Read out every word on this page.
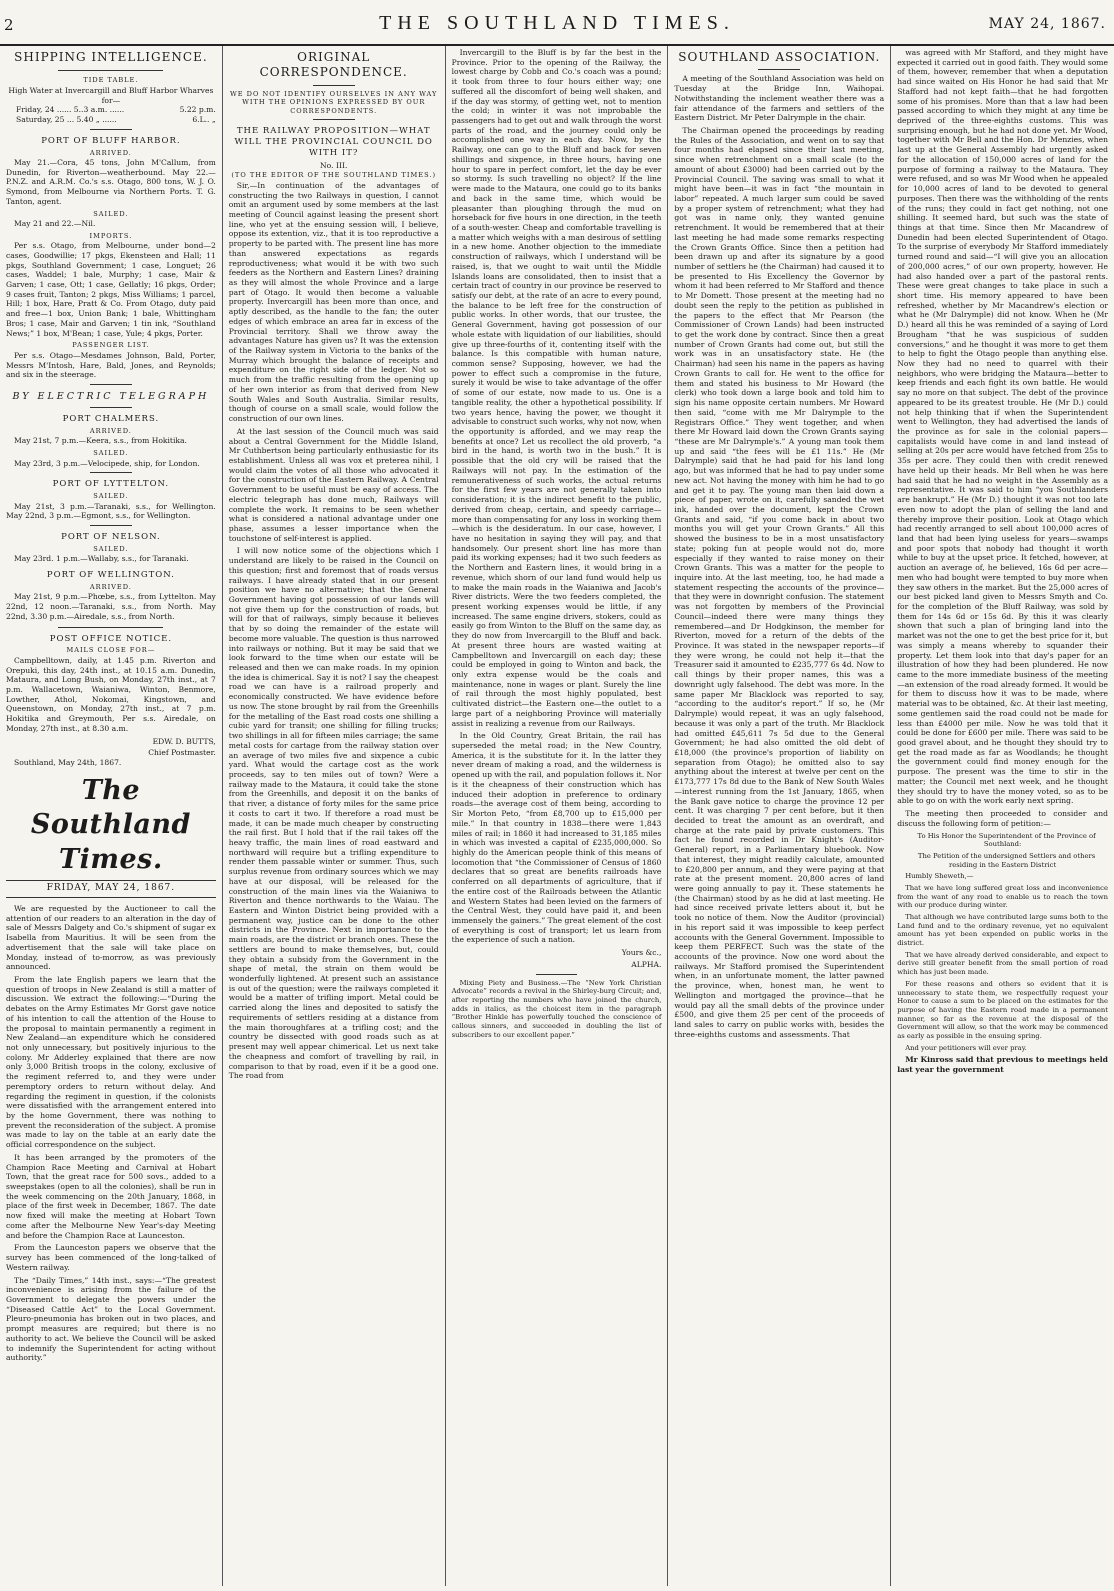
2	THE SOUTHLAND TIMES.	MAY 24, 1867.
SHIPPING INTELLIGENCE.
TIDE TABLE.
High Water at Invercargill and Bluff Harbor Wharves for—
Friday, 24 ...... 5..3 a.m. ......	5.22 p.m.
Saturday, 25 ... 5.40 „ ......	6.L.. „
PORT OF BLUFF HARBOR.
ARRIVED.

May 21.—Cora, 45 tons, John M'Callum, from Dunedin, for Riverton—weatherbound. May 22.—P.N.Z. and A.R.M. Co.'s s.s. Otago, 800 tons, W. J. O. Symond, from Melbourne via Northern Ports. T. G. Tanton, agent.

SAILED.

May 21 and 22.—Nil.

IMPORTS.

Per s.s. Otago, from Melbourne, under bond—2 cases, Goodwillie; 17 pkgs, Ekensteen and Hall; 11 pkgs, Southland Government; 1 case, Longuet; 26 cases, Waddel; 1 bale, Murphy; 1 case, Mair & Garven; 1 case, Ott; 1 case, Gellatly; 16 pkgs, Order; 9 cases fruit, Tanton; 2 pkgs, Miss Williams; 1 parcel, Hill; 1 box, Hare, Pratt & Co. From Otago, duty paid and free—1 box, Union Bank; 1 bale, Whittingham Bros; 1 case, Mair and Garven; 1 tin ink, “Southland News;” 1 box, M'Bean; 1 case, Yule; 4 pkgs, Porter.

PASSENGER LIST.

Per s.s. Otago—Mesdames Johnson, Bald, Porter, Messrs M'Intosh, Hare, Bald, Jones, and Reynolds; and six in the steerage.

BY ELECTRIC TELEGRAPH
PORT CHALMERS.
ARRIVED.

May 21st, 7 p.m.—Keera, s.s., from Hokitika.

SAILED.

May 23rd, 3 p.m.—Velocipede, ship, for London.

PORT OF LYTTELTON.
SAILED.

May 21st, 3 p.m.—Taranaki, s.s., for Wellington. May 22nd, 3 p.m.—Egmont, s.s., for Wellington.

PORT OF NELSON.
SAILED.

May 23rd. 1 p.m.—Wallaby, s.s., for Taranaki.

PORT OF WELLINGTON.
ARRIVED.

May 21st, 9 p.m.—Phœbe, s.s., from Lyttelton. May 22nd, 12 noon.—Taranaki, s.s., from North. May 22nd, 3.30 p.m.—Airedale, s.s., from North.

POST OFFICE NOTICE.
MAILS CLOSE FOR—

Campbelltown, daily, at 1.45 p.m. Riverton and Orepuki, this day, 24th inst., at 10.15 a.m. Dunedin, Mataura, and Long Bush, on Monday, 27th inst., at 7 p.m. Wallacetown, Waianiwa, Winton, Benmore, Lowther, Athol, Nokomai, Kingstown, and Queenstown, on Monday, 27th inst., at 7 p.m. Hokitika and Greymouth, Per s.s. Airedale, on Monday, 27th inst., at 8.30 a.m.

EDW. D. BUTTS,
Chief Postmaster.

Southland, May 24th, 1867.

The Southland Times.
FRIDAY, MAY 24, 1867.

We are requested by the Auctioneer to call the attention of our readers to an alteration in the day of sale of Messrs Dalgety and Co.'s shipment of sugar ex Isabella from Mauritius. It will be seen from the advertisement that the sale will take place on Monday, instead of to-morrow, as was previously announced.

From the late English papers we learn that the question of troops in New Zealand is still a matter of discussion. We extract the following:—“During the debates on the Army Estimates Mr Gorst gave notice of his intention to call the attention of the House to the proposal to maintain permanently a regiment in New Zealand—an expenditure which he considered not only unnecessary, but positively injurious to the colony. Mr Adderley explained that there are now only 3,000 British troops in the colony, exclusive of the regiment referred to, and they were under peremptory orders to return without delay. And regarding the regiment in question, if the colonists were dissatisfied with the arrangement entered into by the home Government, there was nothing to prevent the reconsideration of the subject. A promise was made to lay on the table at an early date the official correspondence on the subject.

It has been arranged by the promoters of the Champion Race Meeting and Carnival at Hobart Town, that the great race for 500 sovs., added to a sweepstakes (open to all the colonies), shall be run in the week commencing on the 20th January, 1868, in place of the first week in December, 1867. The date now fixed will make the meeting at Hobart Town come after the Melbourne New Year's-day Meeting and before the Champion Race at Launceston.

From the Launceston papers we observe that the survey has been commenced of the long-talked of Western railway.

The “Daily Times,” 14th inst., says:—“The greatest inconvenience is arising from the failure of the Government to delegate the powers under the “Diseased Cattle Act” to the Local Government. Pleuro-pneumonia has broken out in two places, and prompt measures are required; but there is no authority to act. We believe the Council will be asked to indemnify the Superintendent for acting without authority.”

ORIGINAL CORRESPONDENCE.
WE DO NOT IDENTIFY OURSELVES IN ANY WAY WITH THE OPINIONS EXPRESSED BY OUR CORRESPONDENTS.
THE RAILWAY PROPOSITION—WHAT WILL THE PROVINCIAL COUNCIL DO WITH IT?
No. III.
(TO THE EDITOR OF THE SOUTHLAND TIMES.)

Sir,—In continuation of the advantages of constructing the two Railways in question, I cannot omit an argument used by some members at the last meeting of Council against leasing the present short line, who yet at the ensuing session will, I believe, oppose its extention, viz., that it is too reproductive a property to be parted with. The present line has more than answered expectations as regards reproductiveness; what would it be with two such feeders as the Northern and Eastern Lines? draining as they will almost the whole Province and a large part of Otago. It would then become a valuable property. Invercargill has been more than once, and aptly described, as the handle to the fan; the outer edges of which embrace an area far in excess of the Provincial territory. Shall we throw away the advantages Nature has given us? It was the extension of the Railway system in Victoria to the banks of the Murray which brought the balance of receipts and expenditure on the right side of the ledger. Not so much from the traffic resulting from the opening up of her own interior as from that derived from New South Wales and South Australia. Similar results, though of course on a small scale, would follow the construction of our own lines.

At the last session of the Council much was said about a Central Government for the Middle Island, Mr Cuthbertson being particularly enthusiastic for its establishment. Unless all was vox et preterea nihil, I would claim the votes of all those who advocated it for the construction of the Eastern Railway. A Central Government to be useful must be easy of access. The electric telegraph has done much, Railways will complete the work. It remains to be seen whether what is considered a national advantage under one phase, assumes a lesser importance when the touchstone of self-interest is applied.

I will now notice some of the objections which I understand are likely to be raised in the Council on this question; first and foremost that of roads versus railways. I have already stated that in our present position we have no alternative; that the General Government having got possession of our lands will not give them up for the construction of roads, but will for that of railways, simply because it believes that by so doing the remainder of the estate will become more valuable. The question is thus narrowed into railways or nothing. But it may be said that we look forward to the time when our estate will be released and then we can make roads. In my opinion the idea is chimerical. Say it is not? I say the cheapest road we can have is a railroad properly and economically constructed. We have evidence before us now. The stone brought by rail from the Greenhills for the metalling of the East road costs one shilling a cubic yard for transit; one shilling for filling trucks; two shillings in all for fifteen miles carriage; the same metal costs for cartage from the railway station over an average of two miles five and sixpence a cubic yard. What would the cartage cost as the work proceeds, say to ten miles out of town? Were a railway made to the Mataura, it could take the stone from the Greenhills, and deposit it on the banks of that river, a distance of forty miles for the same price it costs to cart it two. If therefore a road must be made, it can be made much cheaper by constructing the rail first. But I hold that if the rail takes off the heavy traffic, the main lines of road eastward and northward will require but a trifling expenditure to render them passable winter or summer. Thus, such surplus revenue from ordinary sources which we may have at our disposal, will be released for the construction of the main lines via the Waianiwa to Riverton and thence northwards to the Waiau. The Eastern and Winton District being provided with a permanent way, justice can be done to the other districts in the Province. Next in importance to the main roads, are the district or branch ones. These the settlers are bound to make themselves, but, could they obtain a subsidy from the Government in the shape of metal, the strain on them would be wonderfully lightened. At present such an assistance is out of the question; were the railways completed it would be a matter of trifling import. Metal could be carried along the lines and deposited to satisfy the requirements of settlers residing at a distance from the main thoroughfares at a trifling cost; and the country be dissected with good roads such as at present may well appear chimerical. Let us next take the cheapness and comfort of travelling by rail, in comparison to that by road, even if it be a good one. The road from

Invercargill to the Bluff is by far the best in the Province. Prior to the opening of the Railway, the lowest charge by Cobb and Co.'s coach was a pound; it took from three to four hours either way; one suffered all the discomfort of being well shaken, and if the day was stormy, of getting wet, not to mention the cold; in winter it was not improbable the passengers had to get out and walk through the worst parts of the road, and the journey could only be accomplished one way in each day. Now, by the Railway, one can go to the Bluff and back for seven shillings and sixpence, in three hours, having one hour to spare in perfect comfort, let the day be ever so stormy. Is such travelling no object? If the line were made to the Mataura, one could go to its banks and back in the same time, which would be pleasanter than ploughing through the mud on horseback for five hours in one direction, in the teeth of a south-wester. Cheap and comfortable travelling is a matter which weighs with a man desirous of settling in a new home. Another objection to the immediate construction of railways, which I understand will be raised, is, that we ought to wait until the Middle Islands loans are consolidated, then to insist that a certain tract of country in our province be reserved to satisfy our debt, at the rate of an acre to every pound, the balance to be left free for the construction of public works. In other words, that our trustee, the General Government, having got possession of our whole estate with liquidation of our liabilities, should give up three-fourths of it, contenting itself with the balance. Is this compatible with human nature, common sense? Supposing, however, we had the power to effect such a compromise in the future, surely it would be wise to take advantage of the offer of some of our estate, now made to us. One is a tangible reality, the other a hypothetical possibility. If two years hence, having the power, we thought it advisable to construct such works, why not now, when the opportunity is afforded, and we may reap the benefits at once? Let us recollect the old proverb, “a bird in the hand, is worth two in the bush.” It is possible that the old cry will be raised that the Railways will not pay. In the estimation of the remunerativeness of such works, the actual returns for the first few years are not generally taken into consideration; it is the indirect benefit to the public, derived from cheap, certain, and speedy carriage—more than compensating for any loss in working them—which is the desideratum. In our case, however, I have no hesitation in saying they will pay, and that handsomely. Our present short line has more than paid its working expenses; had it two such feeders as the Northern and Eastern lines, it would bring in a revenue, which shorn of our land fund would help us to make the main roads in the Waianiwa and Jacob's River districts. Were the two feeders completed, the present working expenses would be little, if any increased. The same engine drivers, stokers, could as easily go from Winton to the Bluff on the same day, as they do now from Invercargill to the Bluff and back. At present three hours are wasted waiting at Campbelltown and Invercargill on each day; these could be employed in going to Winton and back, the only extra expense would be the coals and maintenance, none in wages or plant. Surely the line of rail through the most highly populated, best cultivated district—the Eastern one—the outlet to a large part of a neighboring Province will materially assist in realizing a revenue from our Railways.

In the Old Country, Great Britain, the rail has superseded the metal road; in the New Country, America, it is the substitute for it. In the latter they never dream of making a road, and the wilderness is opened up with the rail, and population follows it. Nor is it the cheapness of their construction which has induced their adoption in preference to ordinary roads—the average cost of them being, according to Sir Morton Peto, “from £8,700 up to £15,000 per mile.” In that country in 1838—there were 1,843 miles of rail; in 1860 it had increased to 31,185 miles in which was invested a capital of £235,000,000. So highly do the American people think of this means of locomotion that “the Commissioner of Census of 1860 declares that so great are benefits railroads have conferred on all departments of agriculture, that if the entire cost of the Railroads between the Atlantic and Western States had been levied on the farmers of the Central West, they could have paid it, and been immensely the gainers.” The great element of the cost of everything is cost of transport; let us learn from the experience of such a nation.

Yours &c.,
ALPHA.

Mixing Piety and Business.—The “New York Christian Advocate” records a revival in the Shirley-burg Circuit; and, after reporting the numbers who have joined the church, adds in italics, as the choicest item in the paragraph “Brother Hinkle has powerfully touched the conscience of callous sinners, and succeeded in doubling the list of subscribers to our excellent paper.”

SOUTHLAND ASSOCIATION.

A meeting of the Southland Association was held on Tuesday at the Bridge Inn, Waihopai. Notwithstanding the inclement weather there was a fair attendance of the farmers and settlers of the Eastern District. Mr Peter Dalrymple in the chair.

The Chairman opened the proceedings by reading the Rules of the Association, and went on to say that four months had elapsed since their last meeting, since when retrenchment on a small scale (to the amount of about £3000) had been carried out by the Provincial Council. The saving was small to what it might have been—it was in fact “the mountain in labor” repeated. A much larger sum could be saved by a proper system of retrenchment; what they had got was in name only, they wanted genuine retrenchment. It would be remembered that at their last meeting he had made some remarks respecting the Crown Grants Office. Since then a petition had been drawn up and after its signature by a good number of settlers he (the Chairman) had caused it to be presented to His Excellency the Governor by whom it had been referred to Mr Stafford and thence to Mr Domett. Those present at the meeting had no doubt seen the reply to the petition as published in the papers to the effect that Mr Pearson (the Commissioner of Crown Lands) had been instructed to get the work done by contract. Since then a great number of Crown Grants had come out, but still the work was in an unsatisfactory state. He (the Chairman) had seen his name in the papers as having Crown Grants to call for. He went to the office for them and stated his business to Mr Howard (the clerk) who took down a large book and told him to sign his name opposite certain numbers. Mr Howard then said, “come with me Mr Dalrymple to the Registrars Office.” They went together, and when there Mr Howard laid down the Crown Grants saying “these are Mr Dalrymple's.” A young man took them up and said “the fees will be £1 11s.” He (Mr Dalrymple) said that he had paid for his land long ago, but was informed that he had to pay under some new act. Not having the money with him he had to go and get it to pay. The young man then laid down a piece of paper, wrote on it, carefully sanded the wet ink, handed over the document, kept the Crown Grants and said, “if you come back in about two months you will get your Crown Grants.” All this showed the business to be in a most unsatisfactory state; poking fun at people would not do, more especially if they wanted to raise money on their Crown Grants. This was a matter for the people to inquire into. At the last meeting, too, he had made a statement respecting the accounts of the province—that they were in downright confusion. The statement was not forgotten by members of the Provincial Council—indeed there were many things they remembered—and Dr Hodgkinson, the member for Riverton, moved for a return of the debts of the Province. It was stated in the newspaper reports—if they were wrong, he could not help it—that the Treasurer said it amounted to £235,777 6s 4d. Now to call things by their proper names, this was a downright ugly falsehood. The debt was more. In the same paper Mr Blacklock was reported to say, “according to the auditor's report.” If so, he (Mr Dalrymple) would repeat, it was an ugly falsehood, because it was only a part of the truth. Mr Blacklock had omitted £45,611 7s 5d due to the General Government; he had also omitted the old debt of £18,000 (the province's proportion of liability on separation from Otago); he omitted also to say anything about the interest at twelve per cent on the £173,777 17s 8d due to the Bank of New South Wales—interest running from the 1st January, 1865, when the Bank gave notice to charge the province 12 per cent. It was charging 7 per cent before, but it then decided to treat the amount as an overdraft, and charge at the rate paid by private customers. This fact he found recorded in Dr Knight's (Auditor-General) report, in a Parliamentary bluebook. Now that interest, they might readily calculate, amounted to £20,800 per annum, and they were paying at that rate at the present moment. 20,800 acres of land were going annually to pay it. These statements he (the Chairman) stood by as he did at last meeting. He had since received private letters about it, but he took no notice of them. Now the Auditor (provincial) in his report said it was impossible to keep perfect accounts with the General Government. Impossible to keep them PERFECT. Such was the state of the accounts of the province. Now one word about the railways. Mr Stafford promised the Superintendent when, in an unfortunate moment, the latter pawned the province, when, honest man, he went to Wellington and mortgaged the province—that he would pay all the small debts of the province under £500, and give them 25 per cent of the proceeds of land sales to carry on public works with, besides the three-eighths customs and assessments. That

was agreed with Mr Stafford, and they might have expected it carried out in good faith. They would some of them, however, remember that when a deputation had since waited on His Honor he had said that Mr Stafford had not kept faith—that he had forgotten some of his promises. More than that a law had been passed according to which they might at any time be deprived of the three-eighths customs. This was surprising enough, but he had not done yet. Mr Wood, together with Mr Bell and the Hon. Dr Menzies, when last up at the General Assembly had urgently asked for the allocation of 150,000 acres of land for the purpose of forming a railway to the Mataura. They were refused, and so was Mr Wood when he appealed for 10,000 acres of land to be devoted to general purposes. Then there was the withholding of the rents of the runs; they could in fact get nothing, not one shilling. It seemed hard, but such was the state of things at that time. Since then Mr Macandrew of Dunedin had been elected Superintendent of Otago. To the surprise of everybody Mr Stafford immediately turned round and said—“I will give you an allocation of 200,000 acres,” of our own property, however. He had also handed over a part of the pastoral rents. These were great changes to take place in such a short time. His memory appeared to have been refreshed, whether by Mr Macandrew's election or what he (Mr Dalrymple) did not know. When he (Mr D.) heard all this he was reminded of a saying of Lord Brougham “that he was suspicious of sudden conversions,” and he thought it was more to get them to help to fight the Otago people than anything else. Now they had no need to quarrel with their neighbors, who were bridging the Mataura—better to keep friends and each fight its own battle. He would say no more on that subject. The debt of the province appeared to be its greatest trouble. He (Mr D.) could not help thinking that if when the Superintendent went to Wellington, they had advertised the lands of the province as for sale in the colonial papers—capitalists would have come in and land instead of selling at 20s per acre would have fetched from 25s to 35s per acre. They could then with credit renewed have held up their heads. Mr Bell when he was here had said that he had no weight in the Assembly as a representative. It was said to him “you Southlanders are bankrupt.” He (Mr D.) thought it was not too late even now to adopt the plan of selling the land and thereby improve their position. Look at Otago which had recently arranged to sell about 100,000 acres of land that had been lying useless for years—swamps and poor spots that nobody had thought it worth while to buy at the upset price. It fetched, however, at auction an average of, he believed, 16s 6d per acre—men who had bought were tempted to buy more when they saw others in the market. But the 25,000 acres of our best picked land given to Messrs Smyth and Co. for the completion of the Bluff Railway, was sold by them for 14s 6d or 15s 6d. By this it was clearly shown that such a plan of bringing land into the market was not the one to get the best price for it, but was simply a means whereby to squander their property. Let them look into that day's paper for an illustration of how they had been plundered. He now came to the more immediate business of the meeting—an extension of the road already formed. It would be for them to discuss how it was to be made, where material was to be obtained, &c. At their last meeting, some gentlemen said the road could not be made for less than £4000 per mile. Now he was told that it could be done for £600 per mile. There was said to be good gravel about, and he thought they should try to get the road made as far as Woodlands; he thought the government could find money enough for the purpose. The present was the time to stir in the matter; the Council met next week, and he thought they should try to have the money voted, so as to be able to go on with the work early next spring.

The meeting then proceeded to consider and discuss the following form of petition:—

To His Honor the Superintendent of the Province of Southland:

The Petition of the undersigned Settlers and others residing in the Eastern District

Humbly Sheweth,—

That we have long suffered great loss and inconvenience from the want of any road to enable us to reach the town with our produce during winter.

That although we have contributed large sums both to the Land fund and to the ordinary revenue, yet no equivalent amount has yet been expended on public works in the district.

That we have already derived considerable, and expect to derive still greater benefit from the small portion of road which has just been made.

For these reasons and others so evident that it is unnecessary to state them, we respectfully request your Honor to cause a sum to be placed on the estimates for the purpose of having the Eastern road made in a permanent manner, so far as the revenue at the disposal of the Government will allow, so that the work may be commenced as early as possible in the ensuing spring.

And your petitioners will ever pray.

Mr Kinross said that previous to meetings held last year the government
